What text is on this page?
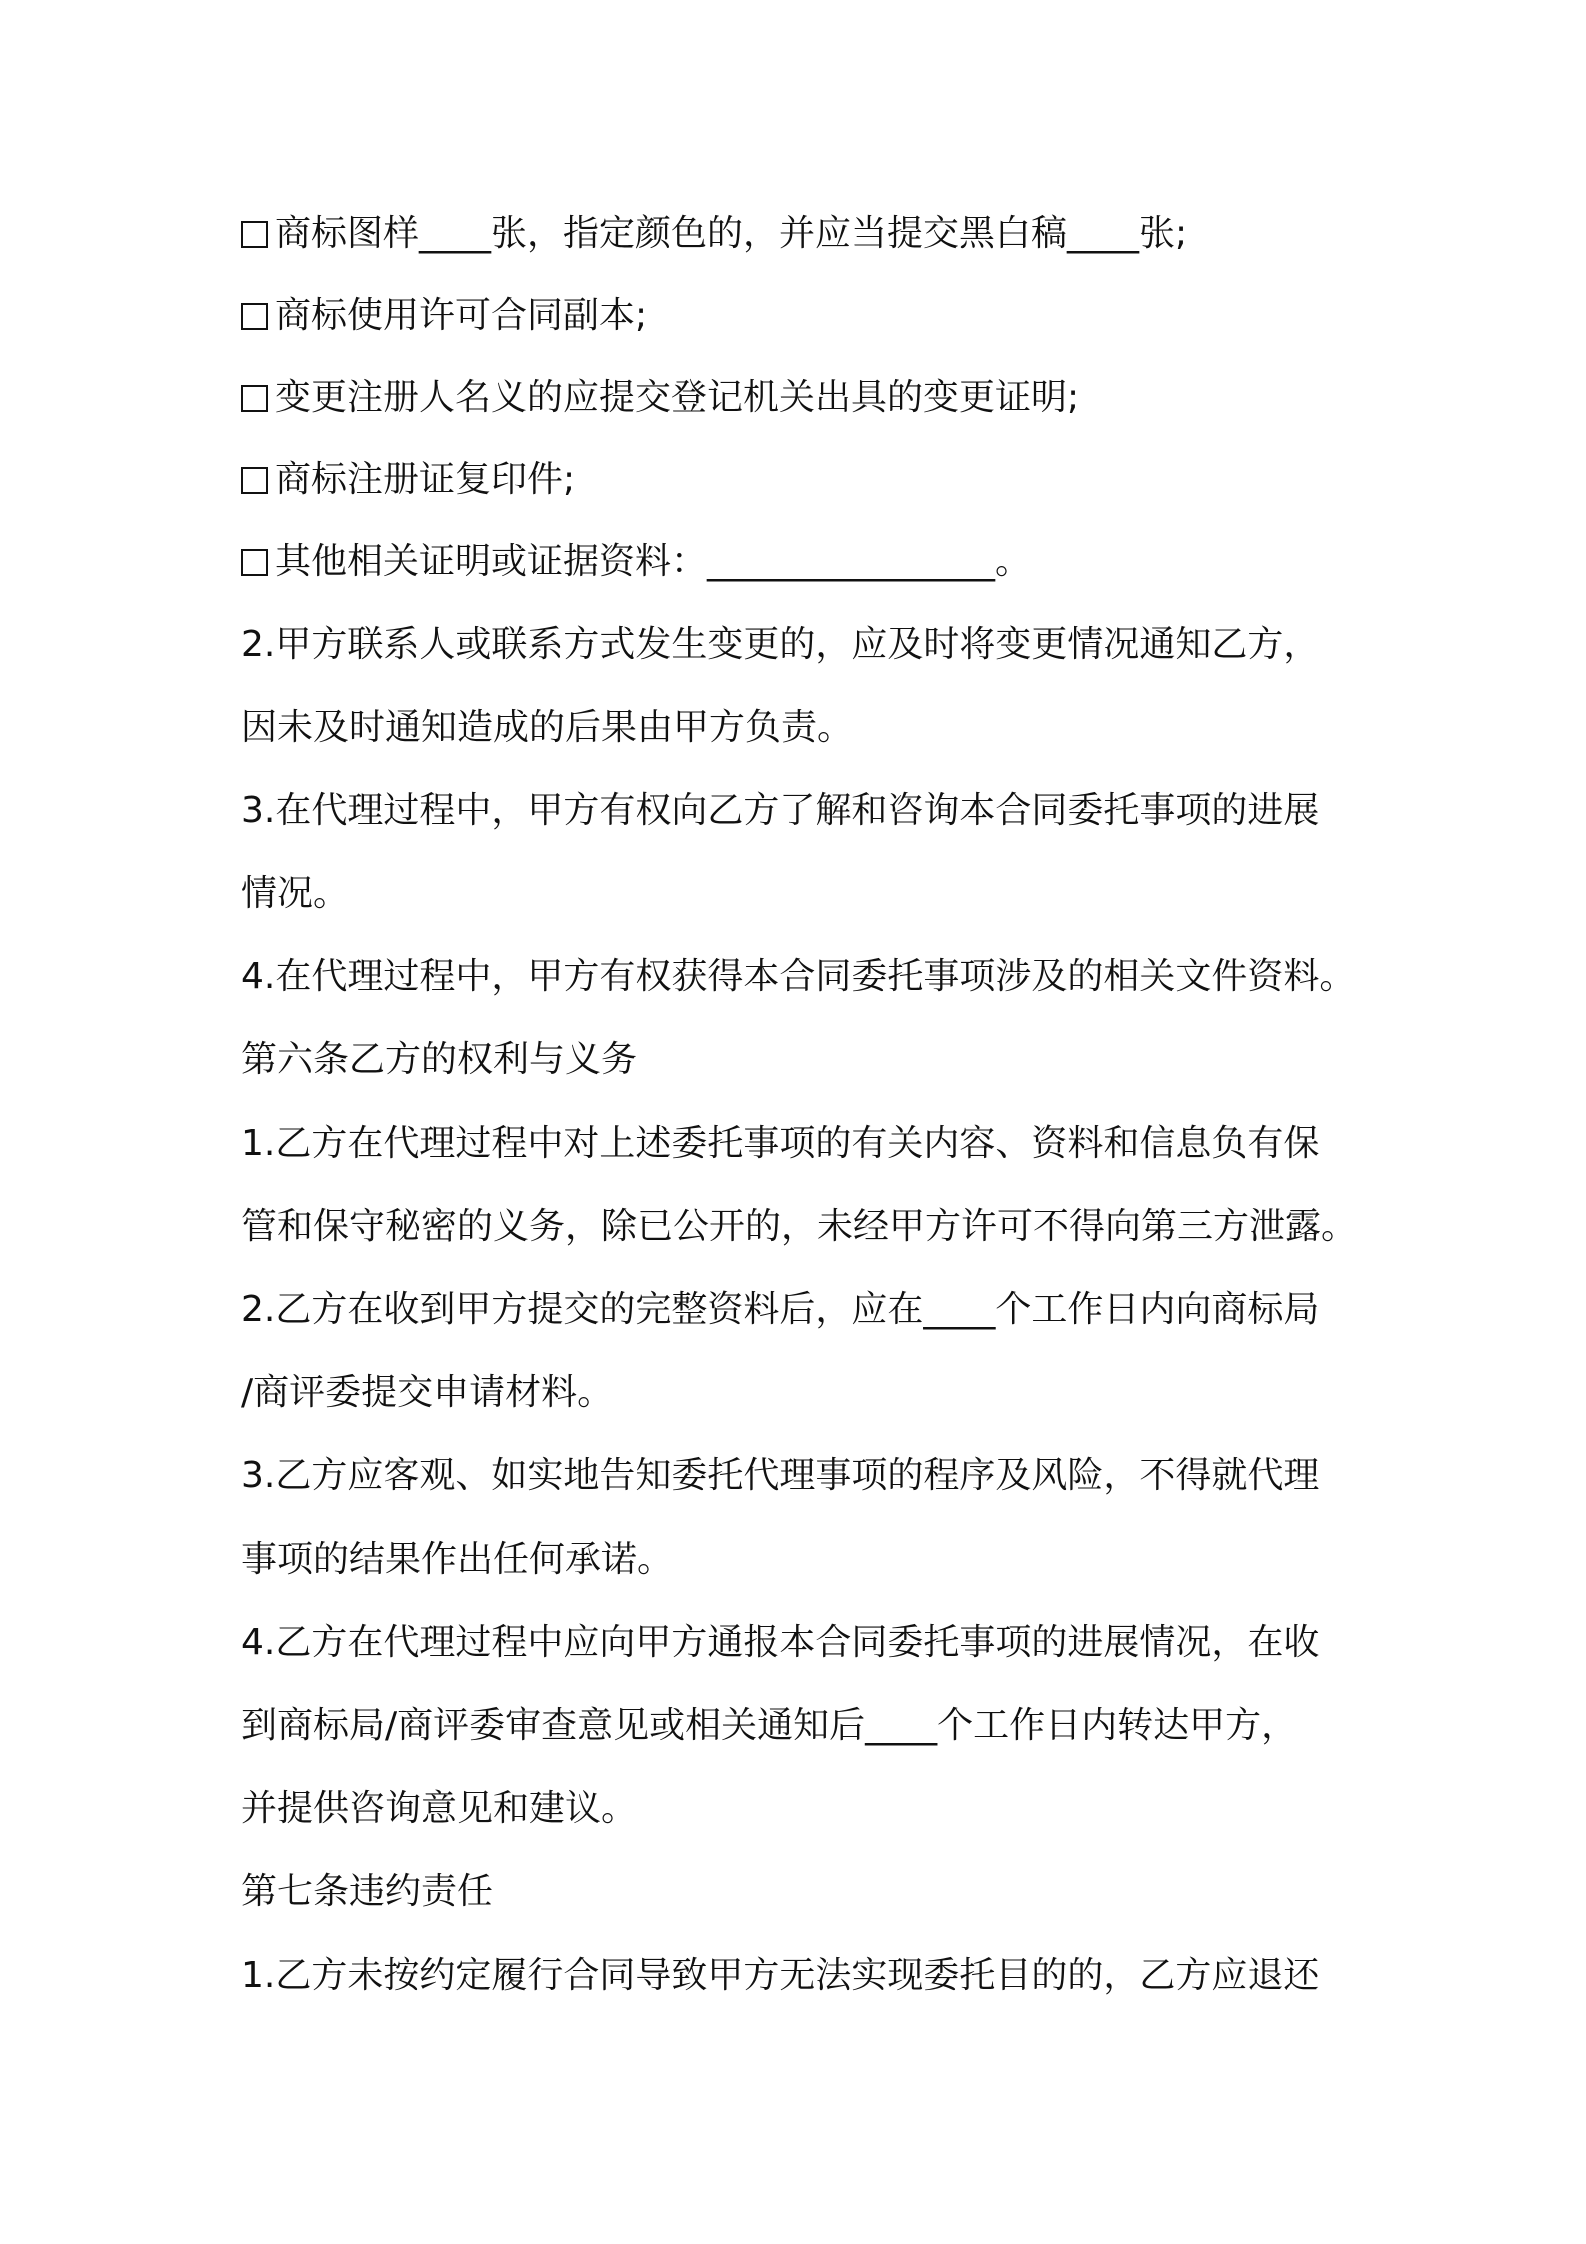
商标图样____张，指定颜色的，并应当提交黑白稿____张;

商标使用许可合同副本;

变更注册人名义的应提交登记机关出具的变更证明;

商标注册证复印件;

其他相关证明或证据资料：________________。

2.甲方联系人或联系方式发生变更的，应及时将变更情况通知乙方，

因未及时通知造成的后果由甲方负责。

3.在代理过程中，甲方有权向乙方了解和咨询本合同委托事项的进展

情况。

4.在代理过程中，甲方有权获得本合同委托事项涉及的相关文件资料。

第六条乙方的权利与义务

1.乙方在代理过程中对上述委托事项的有关内容、资料和信息负有保

管和保守秘密的义务，除已公开的，未经甲方许可不得向第三方泄露。

2.乙方在收到甲方提交的完整资料后，应在____个工作日内向商标局

/商评委提交申请材料。

3.乙方应客观、如实地告知委托代理事项的程序及风险，不得就代理

事项的结果作出任何承诺。

4.乙方在代理过程中应向甲方通报本合同委托事项的进展情况，在收

到商标局/商评委审查意见或相关通知后____个工作日内转达甲方，

并提供咨询意见和建议。

第七条违约责任

1.乙方未按约定履行合同导致甲方无法实现委托目的的，乙方应退还
